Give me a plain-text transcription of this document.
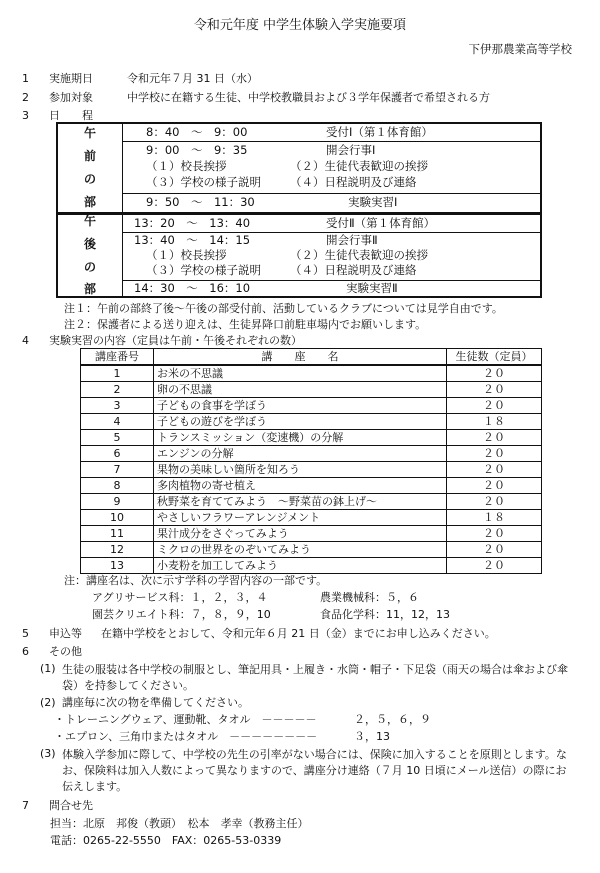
令和元年度 中学生体験入学実施要項
下伊那農業高等学校
1 実施期日	令和元年７月 31 日（水）
2 参加対象	中学校に在籍する生徒、中学校教職員および３学年保護者で希望される方
3 日　　程
午
前
の
部
8：40　～　9：00	受付Ⅰ（第１体育館）
9：00　～　9：35	開会行事Ⅰ
（１）校長挨拶	（２）生徒代表歓迎の挨拶
（３）学校の様子説明	（４）日程説明及び連絡
9：50　～　11：30	実験実習Ⅰ
午
後
の
部
13：20　～　13：40	受付Ⅱ（第１体育館）
13：40　～　14：15	開会行事Ⅱ
（１）校長挨拶	（２）生徒代表歓迎の挨拶
（３）学校の様子説明	（４）日程説明及び連絡
14：30　～　16：10	実験実習Ⅱ
注１：午前の部終了後～午後の部受付前、活動しているクラブについては見学自由です。
注２：保護者による送り迎えは、生徒昇降口前駐車場内でお願いします。
4 実験実習の内容（定員は午前・午後それぞれの数）
講座番号	講　　座　　名	生徒数（定員）
1	お米の不思議	２０
2	卵の不思議	２０
3	子どもの食事を学ぼう	２０
4	子どもの遊びを学ぼう	１８
5	トランスミッション（変速機）の分解	２０
6	エンジンの分解	２０
7	果物の美味しい箇所を知ろう	２０
8	多肉植物の寄せ植え	２０
9	秋野菜を育ててみよう　～野菜苗の鉢上げ～	２０
10	やさしいフラワーアレンジメント	１８
11	果汁成分をさぐってみよう	２０
12	ミクロの世界をのぞいてみよう	２０
13	小麦粉を加工してみよう	２０
注：講座名は、次に示す学科の学習内容の一部です。
アグリサービス科：１，２，３，４	農業機械科：５，６
園芸クリエイト科：７，８，９，10	食品化学科：11，12，13
5 申込等 在籍中学校をとおして、令和元年６月 21 日（金）までにお申し込みください。
6 その他
(1) 生徒の服装は各中学校の制服とし、筆記用具・上履き・水筒・帽子・下足袋（雨天の場合は傘および傘袋）を持参してください。
(2) 講座毎に次の物を準備してください。
・トレーニングウェア、運動靴、タオル　－－－－－	２，５，６，９
・エプロン、三角巾またはタオル　－－－－－－－－	３，13
(3) 体験入学参加に際して、中学校の先生の引率がない場合には、保険に加入することを原則とします。なお、保険料は加入人数によって異なりますので、講座分け連絡（７月 10 日頃にメール送信）の際にお伝えします。
7 問合せ先
担当：北原　邦俊（教頭）　松本　孝幸（教務主任）
電話：0265-22-5550　FAX：0265-53-0339
